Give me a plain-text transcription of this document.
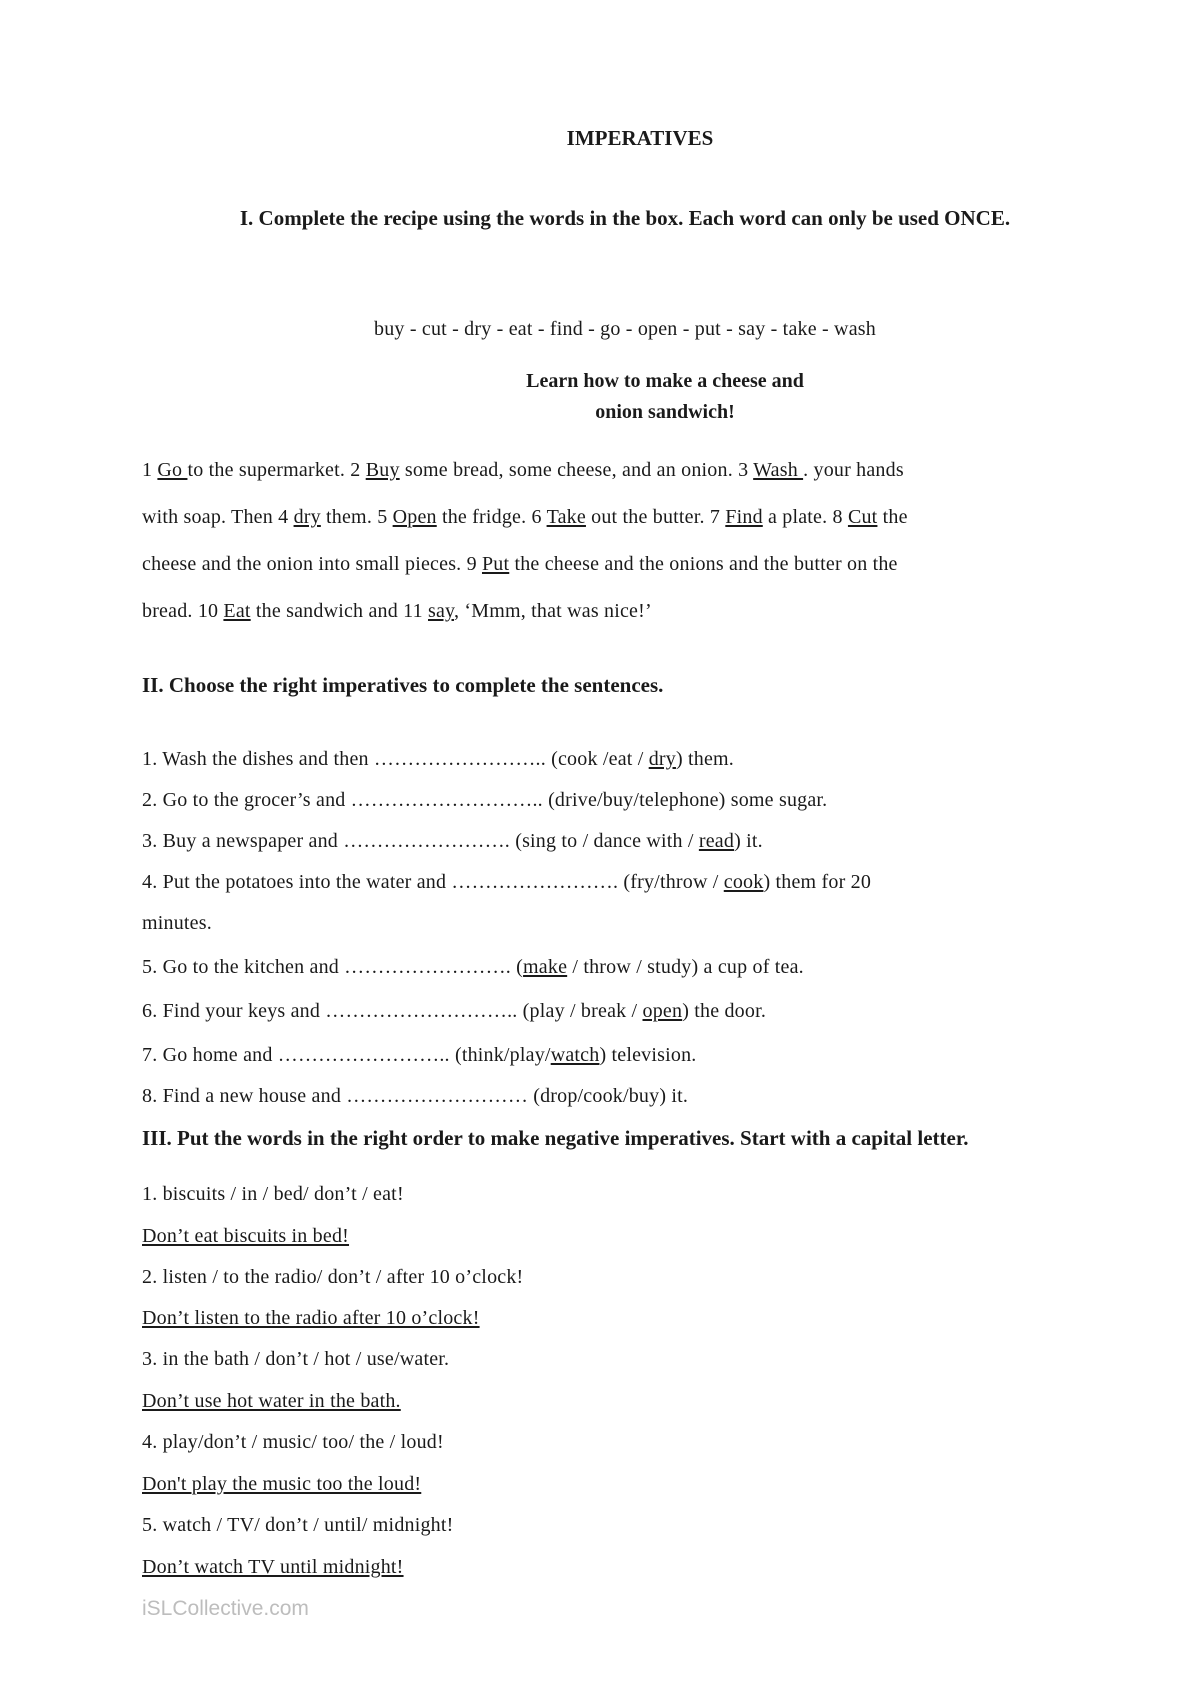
IMPERATIVES
I. Complete the recipe using the words in the box. Each word can only be used ONCE.
buy - cut - dry - eat - find - go - open - put - say - take - wash
Learn how to make a cheese and
onion sandwich!
1 Go to the supermarket. 2 Buy some bread, some cheese, and an onion. 3 Wash . your hands
with soap. Then 4 dry them. 5 Open the fridge. 6 Take out the butter. 7 Find a plate. 8 Cut the
cheese and the onion into small pieces. 9 Put the cheese and the onions and the butter on the
bread. 10 Eat the sandwich and 11 say, ‘Mmm, that was nice!’
II. Choose the right imperatives to complete the sentences.
1. Wash the dishes and then …………………….. (cook /eat / dry) them.
2. Go to the grocer’s and ……………………….. (drive/buy/telephone) some sugar.
3. Buy a newspaper and ……………………. (sing to / dance with / read) it.
4. Put the potatoes into the water and ……………………. (fry/throw / cook) them for 20
minutes.
5. Go to the kitchen and ……………………. (make / throw / study) a cup of tea.
6. Find your keys and ……………………….. (play / break / open) the door.
7. Go home and …………………….. (think/play/watch) television.
8. Find a new house and ……………………… (drop/cook/buy) it.
III. Put the words in the right order to make negative imperatives. Start with a capital letter.
1. biscuits / in / bed/ don’t / eat!
Don’t eat biscuits in bed!
2. listen / to the radio/ don’t / after 10 o’clock!
Don’t listen to the radio after 10 o’clock!
3. in the bath / don’t / hot / use/water.
Don’t use hot water in the bath.
4. play/don’t / music/ too/ the / loud!
Don't play the music too the loud!
5. watch / TV/ don’t / until/ midnight!
Don’t watch TV until midnight!
iSLCollective.com
